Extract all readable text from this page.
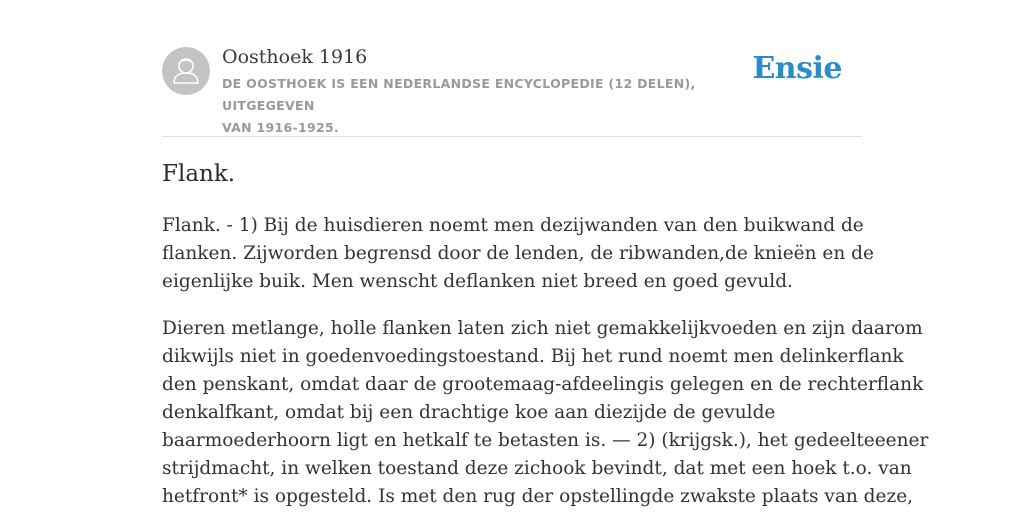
Oosthoek 1916
DE OOSTHOEK IS EEN NEDERLANDSE ENCYCLOPEDIE (12 DELEN), UITGEGEVEN
VAN 1916-1925.
Ensie
Flank.

Flank. - 1) Bij de huisdieren noemt men dezijwanden van den buikwand de
flanken. Zijworden begrensd door de lenden, de ribwanden,de knieën en de
eigenlijke buik. Men wenscht deflanken niet breed en goed gevuld.

Dieren metlange, holle flanken laten zich niet gemakkelijkvoeden en zijn daarom
dikwijls niet in goedenvoedingstoestand. Bij het rund noemt men delinkerflank
den penskant, omdat daar de grootemaag-afdeelingis gelegen en de rechterflank
denkalfkant, omdat bij een drachtige koe aan diezijde de gevulde
baarmoederhoorn ligt en hetkalf te betasten is. — 2) (krijgsk.), het gedeelteeener
strijdmacht, in welken toestand deze zichook bevindt, dat met een hoek t.o. van
hetfront* is opgesteld. Is met den rug der opstellingde zwakste plaats van deze,
